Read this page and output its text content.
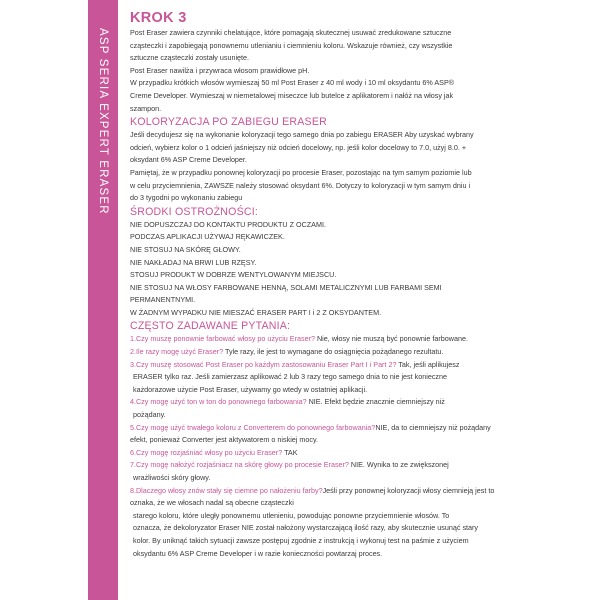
ASP SERIA EXPERT ERASER
KROK 3

Post Eraser zawiera czynniki chelatujące, które pomagają skutecznej usuwać zredukowane sztuczne

cząsteczki i zapobiegają ponownemu utlenianiu i ciemnieniu koloru. Wskazuje również, czy wszystkie

sztuczne cząsteczki zostały usunięte.

Post Eraser nawilża i przywraca włosom prawidłowe pH.

W przypadku krótkich włosów wymieszaj 50 ml Post Eraser z 40 ml wody i 10 ml oksydantu 6% ASP®

Creme Developer. Wymieszaj w niemetalowej miseczce lub butelce z aplikatorem i nałóż na włosy jak

szampon.

KOLORYZACJA PO ZABIEGU ERASER

Jeśli decydujesz się na wykonanie koloryzacji tego samego dnia po zabiegu ERASER Aby uzyskać wybrany

odcień, wybierz kolor o 1 odcień jaśniejszy niż odcień docelowy, np. jeśli kolor docelowy to 7.0, użyj 8.0. +

oksydant 6% ASP Creme Developer.

Pamiętaj, że w przypadku ponownej koloryzacji po procesie Eraser, pozostając na tym samym poziomie lub

w celu przyciemnienia, ZAWSZE należy stosować oksydant 6%. Dotyczy to koloryzacji w tym samym dniu i

do 3 tygodni po wykonaniu zabiegu

ŚRODKI OSTROŻNOŚCI:

NIE DOPUSZCZAJ DO KONTAKTU PRODUKTU Z OCZAMI.

PODCZAS APLIKACJI UŻYWAJ RĘKAWICZEK.

NIE STOSUJ NA SKÓRĘ GŁOWY.

NIE NAKŁADAJ NA BRWI LUB RZĘSY.

STOSUJ PRODUKT W DOBRZE WENTYLOWANYM MIEJSCU.

NIE STOSUJ NA WŁOSY FARBOWANE HENNĄ, SOLAMI METALICZNYMI LUB FARBAMI SEMI

PERMANENTNYMI.

W ŻADNYM WYPADKU NIE MIESZAĆ ERASER PART I i 2 Z OKSYDANTEM.

CZĘSTO ZADAWANE PYTANIA:

1.Czy muszę ponownie farbować włosy po użyciu Eraser? Nie, włosy nie muszą być ponownie farbowane.

2.Ile razy mogę użyć Eraser? Tyle razy, ile jest to wymagane do osiągnięcia pożądanego rezultatu.

3.Czy muszę stosować Post Eraser po każdym zastosowaniu Eraser Part I i Part 2? Tak, jeśli aplikujesz

ERASER tylko raz. Jeśli zamierzasz aplikować 2 lub 3 razy tego samego dnia to nie jest konieczne

każdorazowe użycie Post Eraser, używamy go wtedy w ostatniej aplikacji.

4.Czy mogę użyć ton w ton do ponownego farbowania? NIE. Efekt będzie znacznie ciemniejszy niż

pożądany.

5.Czy mogę użyć trwałego koloru z Converterem do ponownego farbowania?NIE, da to ciemniejszy niż pożądany efekt, ponieważ Converter jest aktywatorem o niskiej mocy.

6.Czy mogę rozjaśniać włosy po użyciu Eraser? TAK

7.Czy mogę nałożyć rozjaśniacz na skórę głowy po procesie Eraser? NIE. Wynika to ze zwiększonej

wrażliwości skóry głowy.

8.Dlaczego włosy znów stały się ciemne po nałożeniu farby?Jeśli przy ponownej koloryzacji włosy ciemnieją jest to oznaka, że we włosach nadal są obecne cząsteczki

starego koloru, które uległy ponownemu utlenieniu, powodując ponowne przyciemnienie włosów. To

oznacza, że dekoloryzator Eraser NIE został nałożony wystarczającą ilość razy, aby skutecznie usunąć stary

kolor. By uniknąć takich sytuacji zawsze postępuj zgodnie z instrukcją i wykonuj test na paśmie z użyciem

oksydantu 6% ASP Creme Developer i w razie konieczności powtarzaj proces.
